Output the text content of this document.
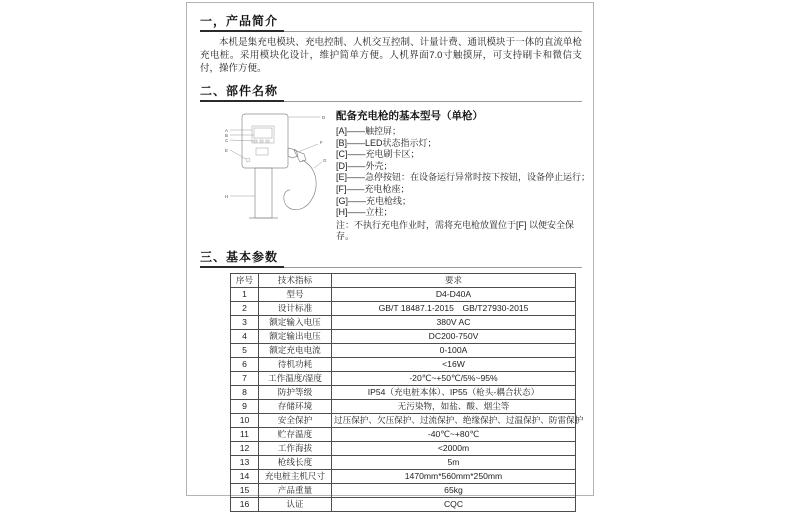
一，产品简介

本机是集充电模块、充电控制、人机交互控制、计量计费、通讯模块于一体的直流单枪充电桩。采用模块化设计，维护简单方便。人机界面7.0寸触摸屏，可支持刷卡和微信支付，操作方便。

二、部件名称
A
B
C
D
E
F
G
H
配备充电枪的基本型号（单枪）
[A]——触控屏；
[B]——LED状态指示灯；
[C]——充电刷卡区；
[D]——外壳；
[E]——急停按钮：在设备运行异常时按下按钮，设备停止运行；
[F]——充电枪座；
[G]——充电枪线；
[H]——立柱；
注：不执行充电作业时，需将充电枪放置位于[F] 以便安全保存。
三、基本参数
序号	技术指标	要求
1	型号	D4-D40A
2	设计标准	GB/T 18487.1-2015　GB/T27930-2015
3	额定输入电压	380V AC
4	额定输出电压	DC200-750V
5	额定充电电流	0-100A
6	待机功耗	<16W
7	工作温度/湿度	-20℃~+50℃/5%~95%
8	防护等级	IP54（充电桩本体）、IP55（枪头-耦合状态）
9	存储环境	无污染物，如盐、酸、烟尘等
10	安全保护	过压保护、欠压保护、过流保护、绝缘保护、过温保护、防雷保护
11	贮存温度	-40℃~+80℃
12	工作海拔	<2000m
13	枪线长度	5m
14	充电桩主机尺寸	1470mm*560mm*250mm
15	产品重量	65kg
16	认证	CQC
